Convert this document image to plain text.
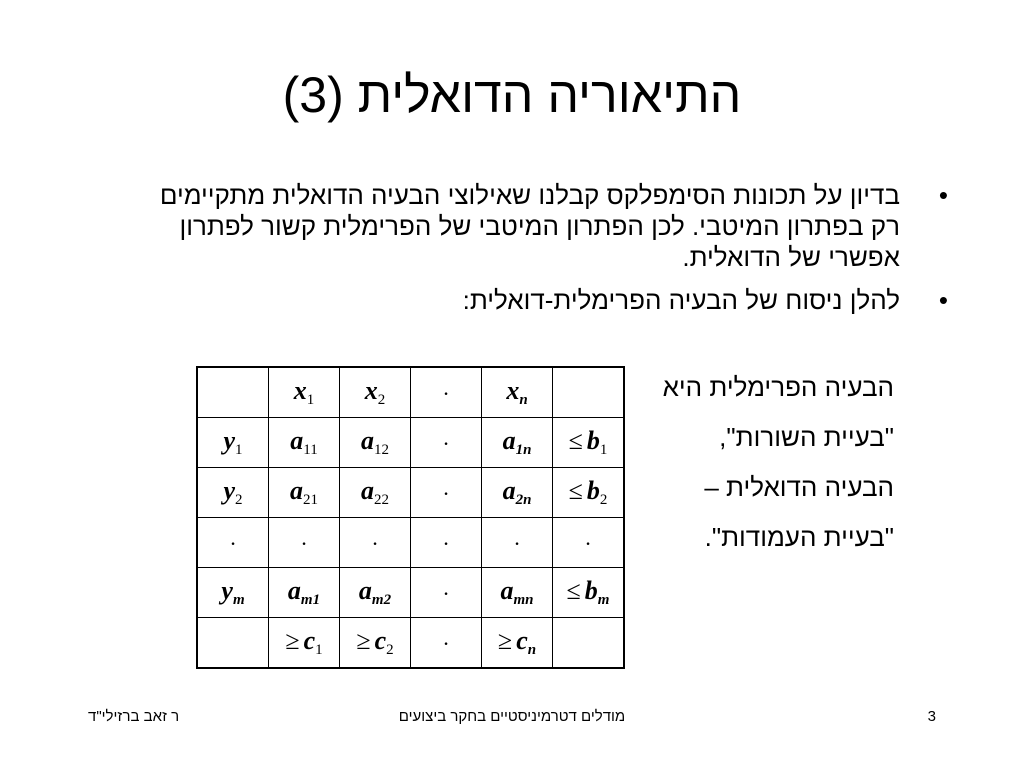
התיאוריה הדואלית (3)
•
בדיון על תכונות הסימפלקס קבלנו שאילוצי הבעיה הדואלית מתקיימים רק בפתרון המיטבי. לכן הפתרון המיטבי של הפרימלית קשור לפתרון אפשרי של הדואלית.
•
להלן ניסוח של הבעיה הפרימלית-דואלית:
הבעיה הפרימלית היא
"בעיית השורות",
הבעיה הדואלית –
"בעיית העמודות".
	$x_1$	$x_2$	·	$x_n$	
$y_1$	$a_{11}$	$a_{12}$	·	$a_{1n}$	≤ $b_1$
$y_2$	$a_{21}$	$a_{22}$	·	$a_{2n}$	≤ $b_2$
·	·	·	·	·	·
$y_m$	$a_{m1}$	$a_{m2}$	·	$a_{mn}$	≤ $b_m$
	≥ $c_1$	≥ $c_2$	·	≥ $c_n$	
ר זאב ברזילי"ד	מודלים דטרמיניסטיים בחקר ביצועים	3
